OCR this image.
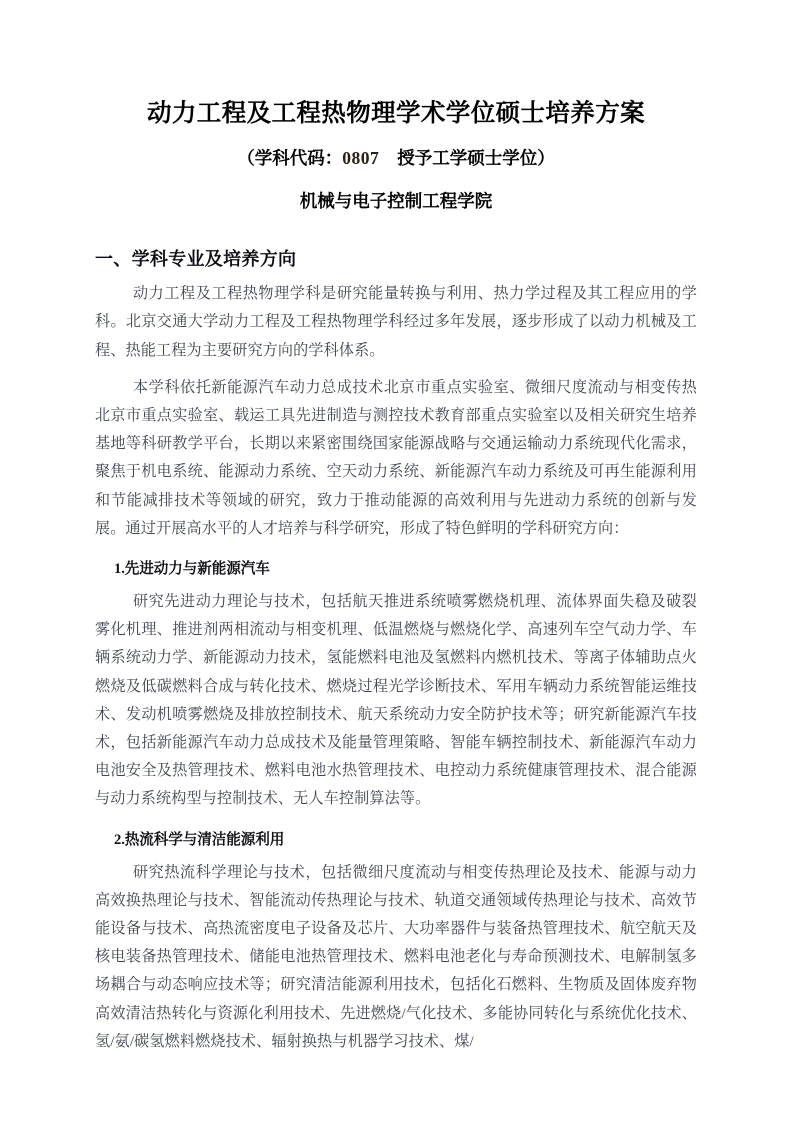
动力工程及工程热物理学术学位硕士培养方案
（学科代码：0807 授予工学硕士学位）
机械与电子控制工程学院
一、学科专业及培养方向

动力工程及工程热物理学科是研究能量转换与利用、热力学过程及其工程应用的学科。北京交通大学动力工程及工程热物理学科经过多年发展，逐步形成了以动力机械及工程、热能工程为主要研究方向的学科体系。

本学科依托新能源汽车动力总成技术北京市重点实验室、微细尺度流动与相变传热北京市重点实验室、载运工具先进制造与测控技术教育部重点实验室以及相关研究生培养基地等科研教学平台，长期以来紧密围绕国家能源战略与交通运输动力系统现代化需求，聚焦于机电系统、能源动力系统、空天动力系统、新能源汽车动力系统及可再生能源利用和节能减排技术等领域的研究，致力于推动能源的高效利用与先进动力系统的创新与发展。通过开展高水平的人才培养与科学研究，形成了特色鲜明的学科研究方向：

1.先进动力与新能源汽车

研究先进动力理论与技术，包括航天推进系统喷雾燃烧机理、流体界面失稳及破裂雾化机理、推进剂两相流动与相变机理、低温燃烧与燃烧化学、高速列车空气动力学、车辆系统动力学、新能源动力技术，氢能燃料电池及氢燃料内燃机技术、等离子体辅助点火燃烧及低碳燃料合成与转化技术、燃烧过程光学诊断技术、军用车辆动力系统智能运维技术、发动机喷雾燃烧及排放控制技术、航天系统动力安全防护技术等；研究新能源汽车技术，包括新能源汽车动力总成技术及能量管理策略、智能车辆控制技术、新能源汽车动力电池安全及热管理技术、燃料电池水热管理技术、电控动力系统健康管理技术、混合能源与动力系统构型与控制技术、无人车控制算法等。

2.热流科学与清洁能源利用

研究热流科学理论与技术，包括微细尺度流动与相变传热理论及技术、能源与动力高效换热理论与技术、智能流动传热理论与技术、轨道交通领域传热理论与技术、高效节能设备与技术、高热流密度电子设备及芯片、大功率器件与装备热管理技术、航空航天及核电装备热管理技术、储能电池热管理技术、燃料电池老化与寿命预测技术、电解制氢多场耦合与动态响应技术等；研究清洁能源利用技术，包括化石燃料、生物质及固体废弃物高效清洁热转化与资源化利用技术、先进燃烧/气化技术、多能协同转化与系统优化技术、氢/氨/碳氢燃料燃烧技术、辐射换热与机器学习技术、煤/
